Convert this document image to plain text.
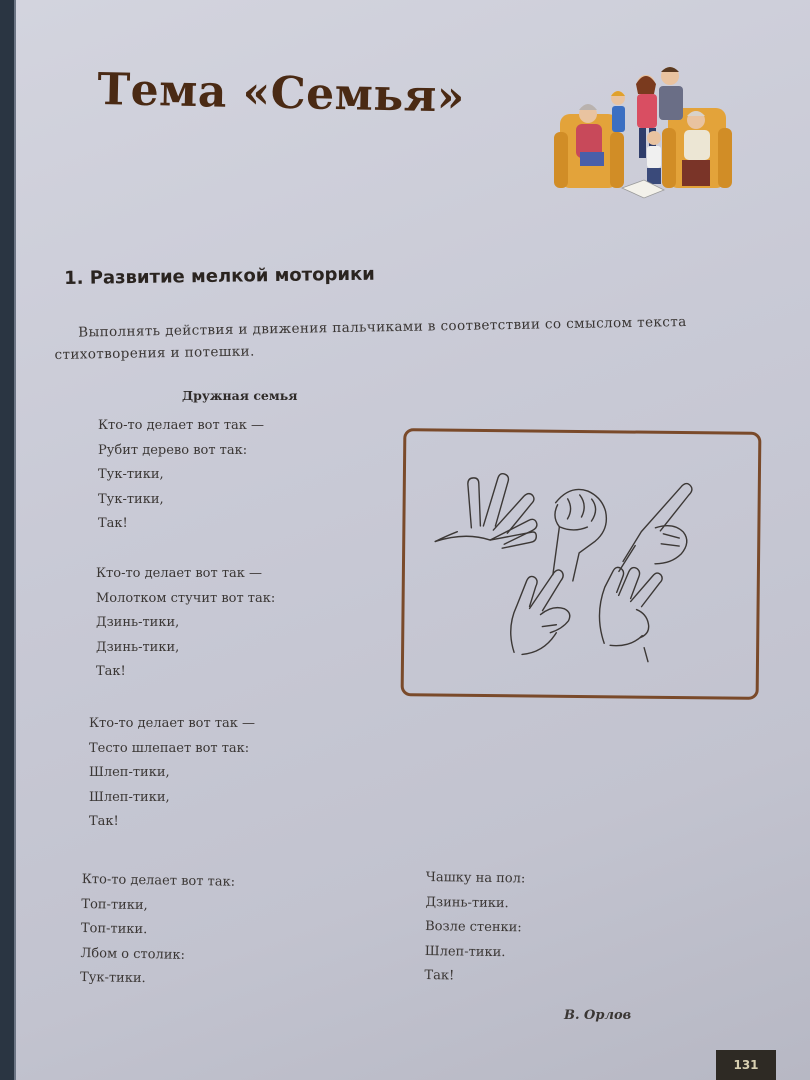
Тема «Семья»
1. Развитие мелкой моторики

Выполнять действия и движения пальчиками в соответствии со смыслом текста стихотворения и потешки.

Дружная семья
Кто-то делает вот так —
Рубит дерево вот так:
Тук-тики,
Тук-тики,
Так!
Кто-то делает вот так —
Молотком стучит вот так:
Дзинь-тики,
Дзинь-тики,
Так!
Кто-то делает вот так —
Тесто шлепает вот так:
Шлеп-тики,
Шлеп-тики,
Так!
Кто-то делает вот так:
Топ-тики,
Топ-тики.
Лбом о столик:
Тук-тики.
Чашку на пол:
Дзинь-тики.
Возле стенки:
Шлеп-тики.
Так!

В. Орлов

131
